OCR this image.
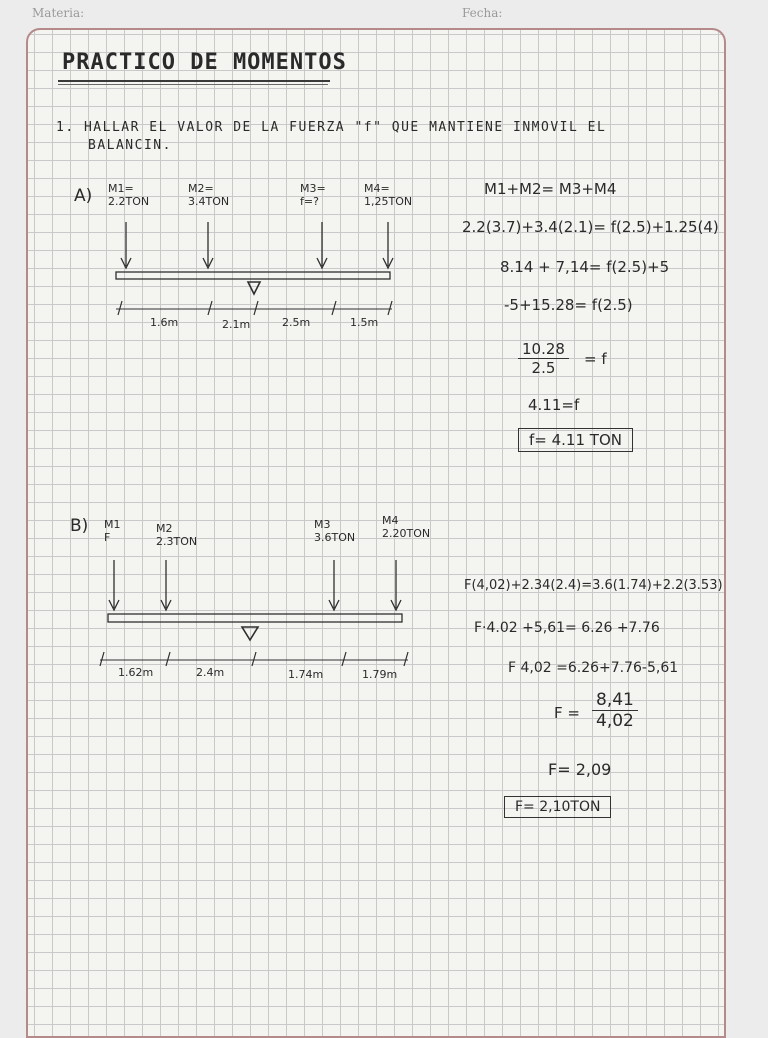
Materia:	Fecha:
PRACTICO DE MOMENTOS
1. HALLAR EL VALOR DE LA FUERZA "f" QUE MANTIENE INMOVIL EL
BALANCIN.
A) M1=
2.2TON
M2=
3.4TON
M3=
f=?
M4=
1,25TON
1.6m	2.1m	2.5m	1.5m
M1+M2= M3+M4
2.2(3.7)+3.4(2.1)= f(2.5)+1.25(4)
8.14 + 7,14= f(2.5)+5
-5+15.28= f(2.5)
$\frac{10.28}{2.5} = f$
4.11=f
f= 4.11 TON
B) M1
F
M2
2.3TON
M3
3.6TON
M4
2.20TON
1.62m	2.4m	1.74m	1.79m
F(4,02)+2.34(2.4)=3.6(1.74)+2.2(3.53)
F·4.02 +5,61= 6.26 +7.76
F 4,02 =6.26+7.76-5,61
$F = \frac{8,41}{4,02}$
F= 2,09
F= 2,10TON
